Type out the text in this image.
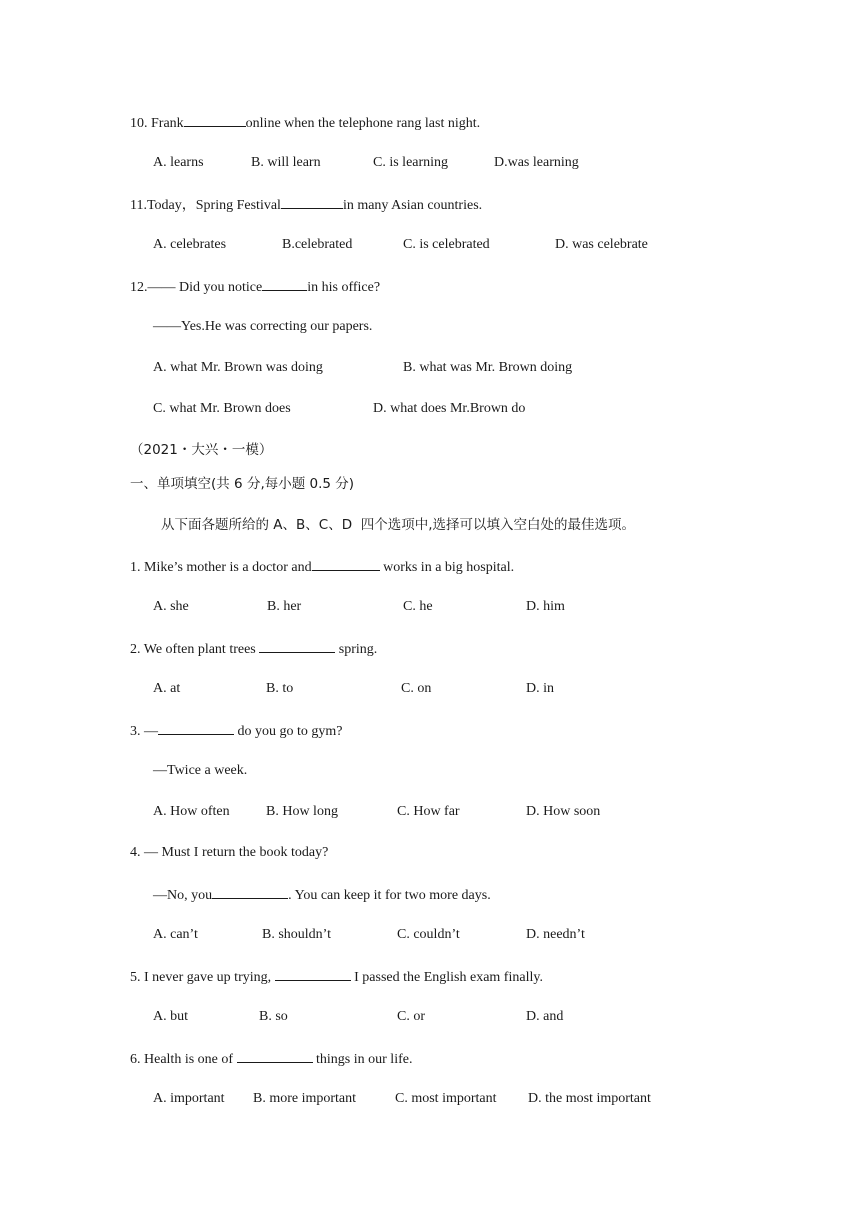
10. Frank	online when the telephone rang last night.
A. learns	B. will learn	C. is learning	D.was learning
11.Today，Spring Festival	in many Asian countries.
A. celebrates	B.celebrated	C. is celebrated	D. was celebrate
12.—— Did you notice	in his office?
——Yes.He was correcting our papers.
A. what Mr. Brown was doing	B. what was Mr. Brown doing
C. what Mr. Brown does	D. what does Mr.Brown do
（2021・大兴・一模）
一、单项填空(共 6 分,每小题 0.5 分)
从下面各题所给的 A、B、C、D  四个选项中,选择可以填入空白处的最佳选项。
1. Mike’s mother is a doctor and	works in a big hospital.
A. she	B. her	C. he	D. him
2. We often plant trees	spring.
A. at	B. to	C. on	D. in
3. —	do you go to gym?
—Twice a week.
A. How often	B. How long	C. How far	D. How soon
4. — Must I return the book today?
—No, you	. You can keep it for two more days.
A. can’t	B. shouldn’t	C. couldn’t	D. needn’t
5. I never gave up trying,	I passed the English exam finally.
A. but	B. so	C. or	D. and
6. Health is one of	things in our life.
A. important B. more important	C. most important D. the most important
